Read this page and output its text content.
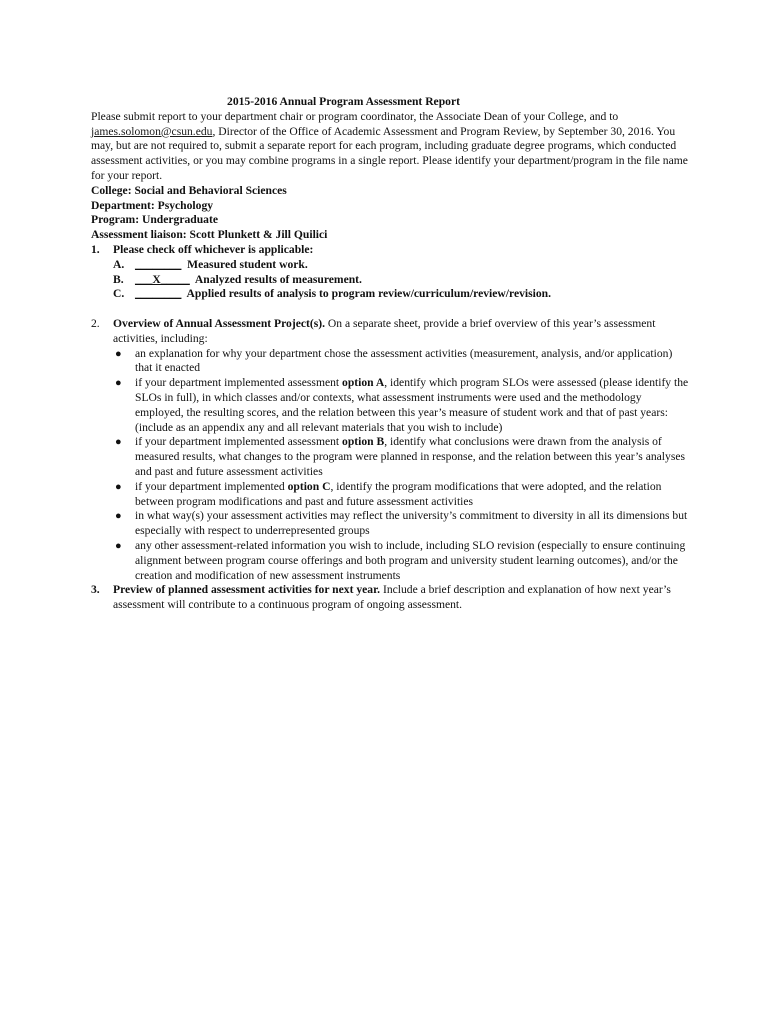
2015-2016 Annual Program Assessment Report

Please submit report to your department chair or program coordinator, the Associate Dean of your College, and to james.solomon@csun.edu, Director of the Office of Academic Assessment and Program Review, by September 30, 2016. You may, but are not required to, submit a separate report for each program, including graduate degree programs, which conducted assessment activities, or you may combine programs in a single report. Please identify your department/program in the file name for your report.

College: Social and Behavioral Sciences

Department: Psychology

Program: Undergraduate

Assessment liaison: Scott Plunkett & Jill Quilici

1. Please check off whichever is applicable:
A. ________ Measured student work.
B. ___X_____ Analyzed results of measurement.
C. ________ Applied results of analysis to program review/curriculum/review/revision.
2. Overview of Annual Assessment Project(s). On a separate sheet, provide a brief overview of this year’s assessment activities, including:
● an explanation for why your department chose the assessment activities (measurement, analysis, and/or application) that it enacted
● if your department implemented assessment option A, identify which program SLOs were assessed (please identify the SLOs in full), in which classes and/or contexts, what assessment instruments were used and the methodology employed, the resulting scores, and the relation between this year’s measure of student work and that of past years: (include as an appendix any and all relevant materials that you wish to include)
● if your department implemented assessment option B, identify what conclusions were drawn from the analysis of measured results, what changes to the program were planned in response, and the relation between this year’s analyses and past and future assessment activities
● if your department implemented option C, identify the program modifications that were adopted, and the relation between program modifications and past and future assessment activities
● in what way(s) your assessment activities may reflect the university’s commitment to diversity in all its dimensions but especially with respect to underrepresented groups
● any other assessment-related information you wish to include, including SLO revision (especially to ensure continuing alignment between program course offerings and both program and university student learning outcomes), and/or the creation and modification of new assessment instruments
3. Preview of planned assessment activities for next year. Include a brief description and explanation of how next year’s assessment will contribute to a continuous program of ongoing assessment.
